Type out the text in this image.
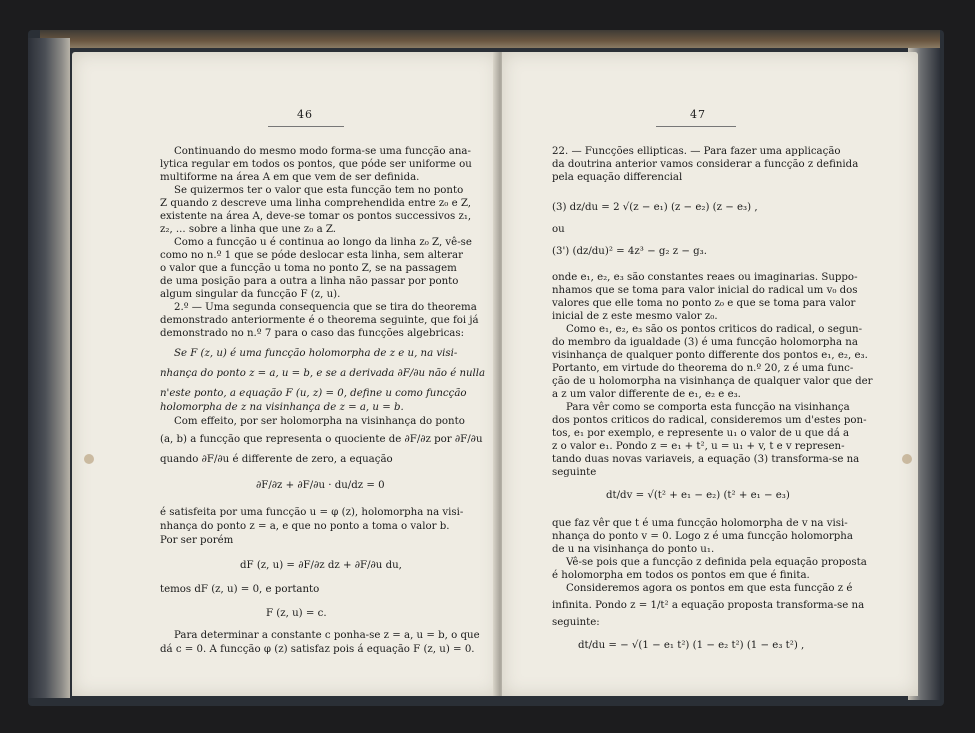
46
Continuando do mesmo modo forma-se uma funcção ana-
lytica regular em todos os pontos, que póde ser uniforme ou
multiforme na área A em que vem de ser definida.
Se quizermos ter o valor que esta funcção tem no ponto
Z quando z descreve uma linha comprehendida entre z₀ e Z,
existente na área A, deve-se tomar os pontos successivos z₁,
z₂, ... sobre a linha que une z₀ a Z.
Como a funcção u é continua ao longo da linha z₀ Z, vê-se
como no n.º 1 que se póde deslocar esta linha, sem alterar
o valor que a funcção u toma no ponto Z, se na passagem
de uma posição para a outra a linha não passar por ponto
algum singular da funcção F (z, u).
2.º — Uma segunda consequencia que se tira do theorema
demonstrado anteriormente é o theorema seguinte, que foi já
demonstrado no n.º 7 para o caso das funcções algebricas:
Se F (z, u) é uma funcção holomorpha de z e u, na visi-
nhança do ponto z = a, u = b, e se a derivada ∂F/∂u não é nulla
n'este ponto, a equação F (u, z) = 0, define u como funcção
holomorpha de z na visinhança de z = a, u = b.
Com effeito, por ser holomorpha na visinhança do ponto
(a, b) a funcção que representa o quociente de ∂F/∂z por ∂F/∂u
quando ∂F/∂u é differente de zero, a equação
∂F/∂z + ∂F/∂u · du/dz = 0
é satisfeita por uma funcção u = φ (z), holomorpha na visi-
nhança do ponto z = a, e que no ponto a toma o valor b.
Por ser porém
dF (z, u) = ∂F/∂z dz + ∂F/∂u du,
temos dF (z, u) = 0, e portanto
F (z, u) = c.
Para determinar a constante c ponha-se z = a, u = b, o que
dá c = 0. A funcção φ (z) satisfaz pois á equação F (z, u) = 0.
47
22. — Funcções ellipticas. — Para fazer uma applicação
da doutrina anterior vamos considerar a funcção z definida
pela equação differencial
(3) dz/du = 2 √(z − e₁) (z − e₂) (z − e₃) ,
ou
(3') (dz/du)² = 4z³ − g₂ z − g₃.
onde e₁, e₂, e₃ são constantes reaes ou imaginarias. Suppo-
nhamos que se toma para valor inicial do radical um v₀ dos
valores que elle toma no ponto z₀ e que se toma para valor
inicial de z este mesmo valor z₀.
Como e₁, e₂, e₃ são os pontos criticos do radical, o segun-
do membro da igualdade (3) é uma funcção holomorpha na
visinhança de qualquer ponto differente dos pontos e₁, e₂, e₃.
Portanto, em virtude do theorema do n.º 20, z é uma func-
ção de u holomorpha na visinhança de qualquer valor que der
a z um valor differente de e₁, e₂ e e₃.
Para vêr como se comporta esta funcção na visinhança
dos pontos criticos do radical, consideremos um d'estes pon-
tos, e₁ por exemplo, e represente u₁ o valor de u que dá a
z o valor e₁. Pondo z = e₁ + t², u = u₁ + v, t e v represen-
tando duas novas variaveis, a equação (3) transforma-se na
seguinte
dt/dv = √(t² + e₁ − e₂) (t² + e₁ − e₃)
que faz vêr que t é uma funcção holomorpha de v na visi-
nhança do ponto v = 0. Logo z é uma funcção holomorpha
de u na visinhança do ponto u₁.
Vê-se pois que a funcção z definida pela equação proposta
é holomorpha em todos os pontos em que é finita.
Consideremos agora os pontos em que esta funcção z é
infinita. Pondo z = 1/t² a equação proposta transforma-se na
seguinte:
dt/du = − √(1 − e₁ t²) (1 − e₂ t²) (1 − e₃ t²) ,
